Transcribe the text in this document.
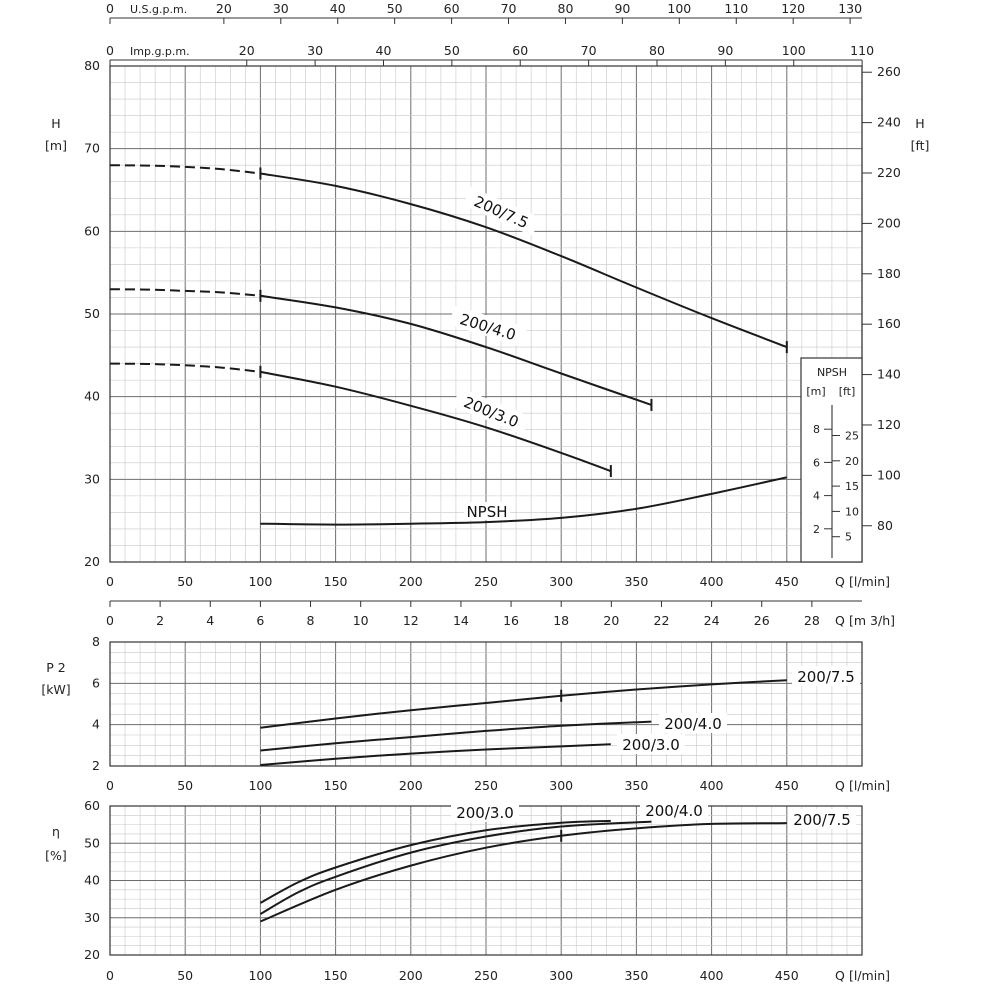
0	50	100	150	200	250	300	350	400	450
20
30
40
50
60
70
80
Q [l/min]
H
[m]
80
100
120
140
160
180
200
220
240
260
H
[ft]
20	30	40	50	60	70	80	90	100	110	120	130
0 U.S.g.p.m.
20	30	40	50	60	70	80	90	100	110
0 Imp.g.p.m.
200/7.5
200/4.0
200/3.0
NPSH
NPSH
[m] [ft]
2
4
6
8
5
10
15
20
25
0	2	4	6	8	10	12	14	16	18	20	22	24	26	28 Q [m 3/h]
0	50	100	150	200	250	300	350	400	450
2
4
6
8
Q [l/min]
P 2
[kW]
200/7.5
200/4.0
200/3.0
0	50	100	150	200	250	300	350	400	450
20
30
40
50
60
Q [l/min]
η
[%]
200/3.0	200/4.0	200/7.5
